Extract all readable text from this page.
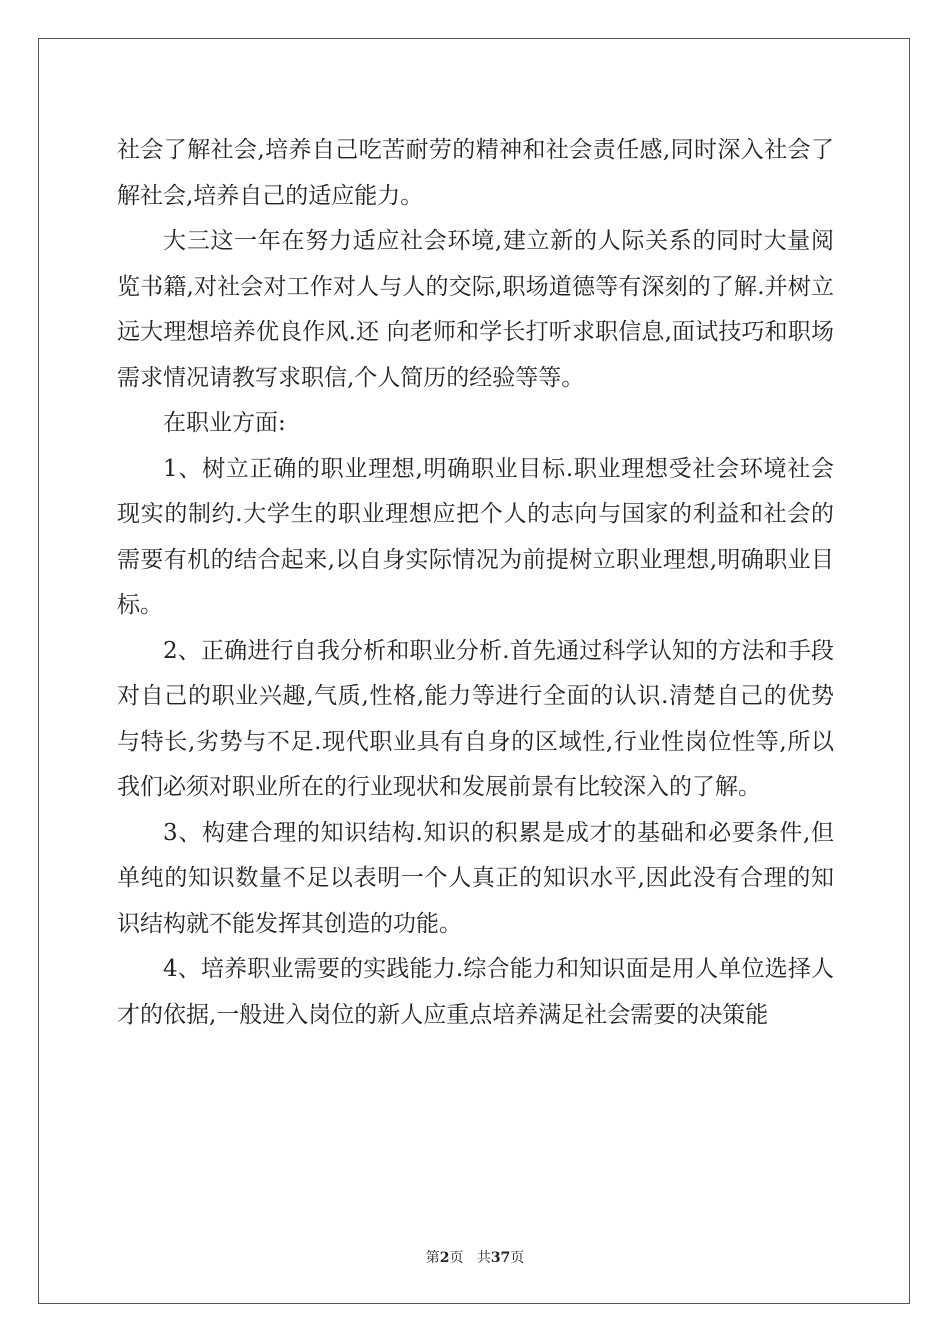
社会了解社会,培养自己吃苦耐劳的精神和社会责任感,同时深入社会了解社会,培养自己的适应能力。

大三这一年在努力适应社会环境,建立新的人际关系的同时大量阅览书籍,对社会对工作对人与人的交际,职场道德等有深刻的了解.并树立远大理想培养优良作风.还 向老师和学长打听求职信息,面试技巧和职场需求情况请教写求职信,个人简历的经验等等。

在职业方面:

1、树立正确的职业理想,明确职业目标.职业理想受社会环境社会现实的制约.大学生的职业理想应把个人的志向与国家的利益和社会的需要有机的结合起来,以自身实际情况为前提树立职业理想,明确职业目标。

2、正确进行自我分析和职业分析.首先通过科学认知的方法和手段对自己的职业兴趣,气质,性格,能力等进行全面的认识.清楚自己的优势与特长,劣势与不足.现代职业具有自身的区域性,行业性岗位性等,所以我们必须对职业所在的行业现状和发展前景有比较深入的了解。

3、构建合理的知识结构.知识的积累是成才的基础和必要条件,但单纯的知识数量不足以表明一个人真正的知识水平,因此没有合理的知识结构就不能发挥其创造的功能。

4、培养职业需要的实践能力.综合能力和知识面是用人单位选择人才的依据,一般进入岗位的新人应重点培养满足社会需要的决策能

第2页 共37页
